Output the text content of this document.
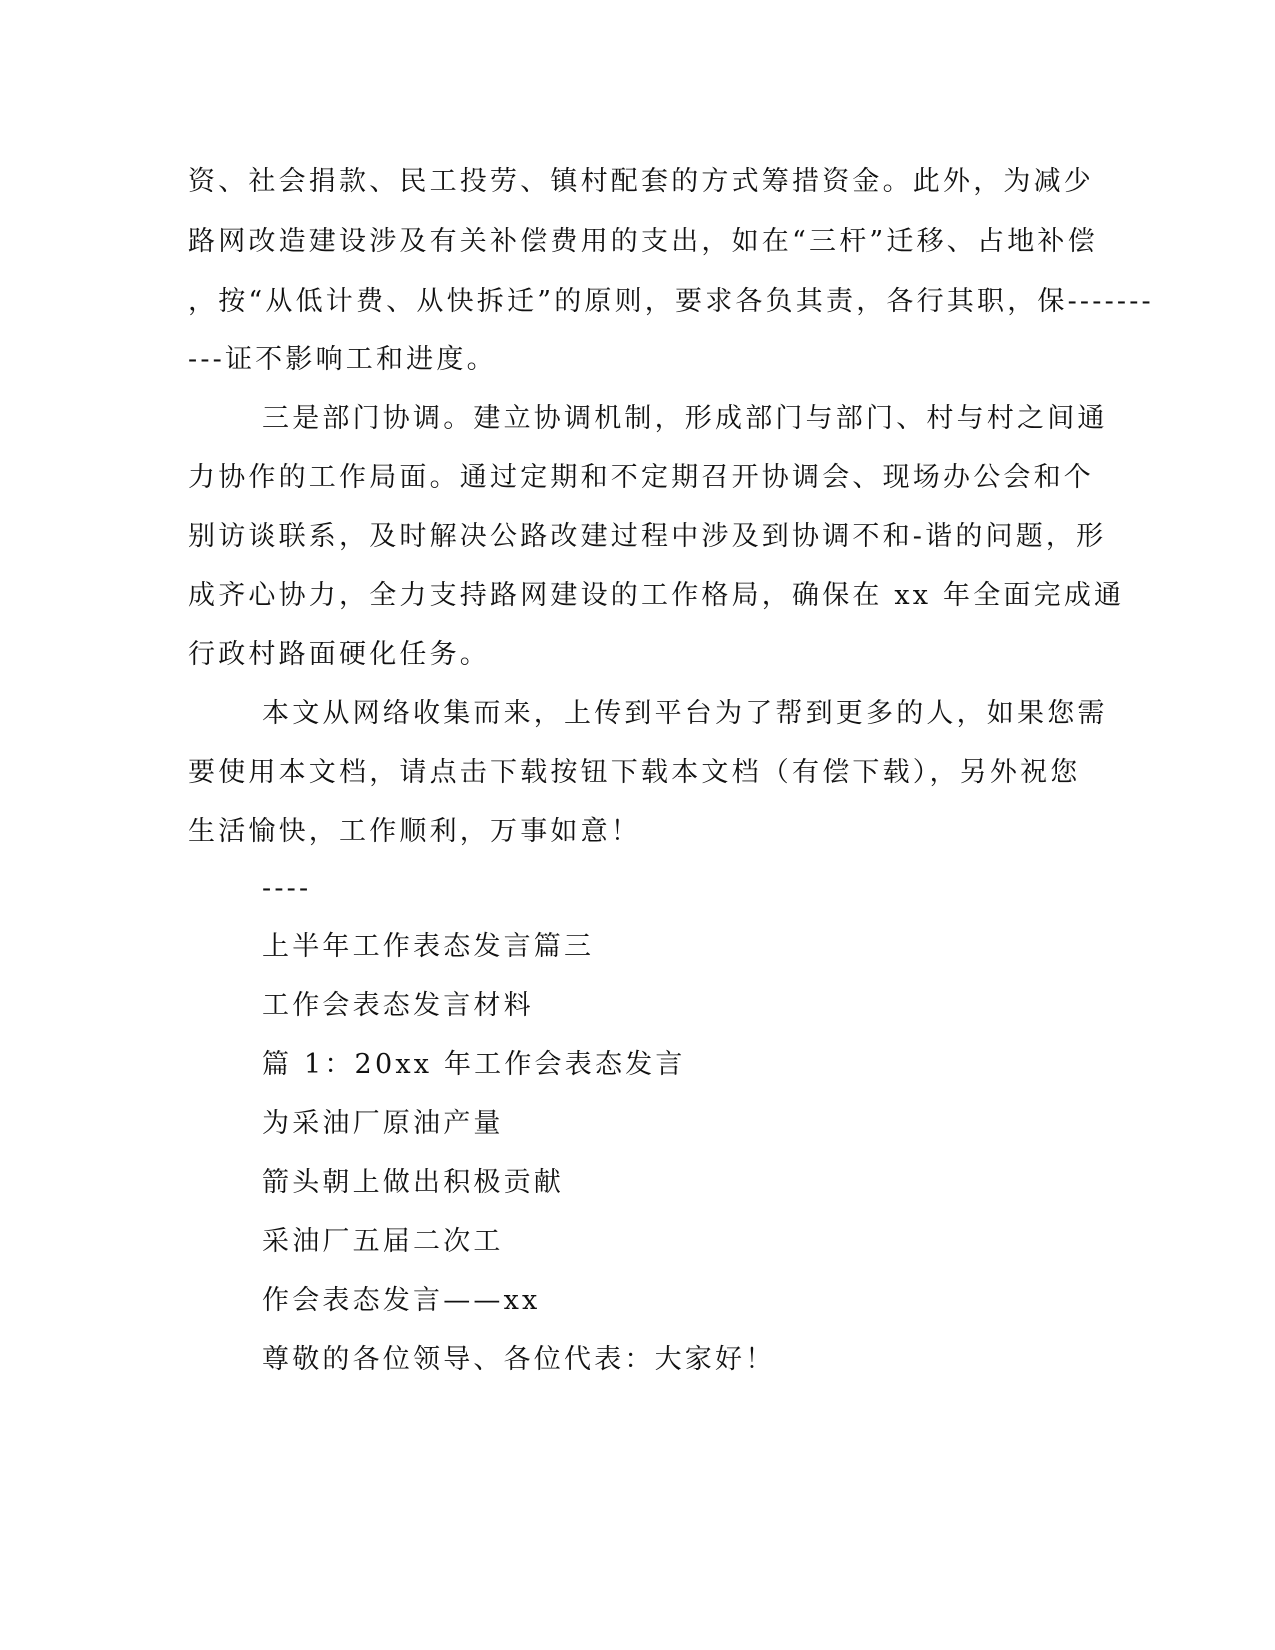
资、社会捐款、民工投劳、镇村配套的方式筹措资金。此外，为减少
路网改造建设涉及有关补偿费用的支出，如在“三杆”迁移、占地补偿
，按“从低计费、从快拆迁”的原则，要求各负其责，各行其职，保-------
---证不影响工和进度。
三是部门协调。建立协调机制，形成部门与部门、村与村之间通
力协作的工作局面。通过定期和不定期召开协调会、现场办公会和个
别访谈联系，及时解决公路改建过程中涉及到协调不和-谐的问题，形
成齐心协力，全力支持路网建设的工作格局，确保在 xx 年全面完成通
行政村路面硬化任务。
本文从网络收集而来，上传到平台为了帮到更多的人，如果您需
要使用本文档，请点击下载按钮下载本文档（有偿下载），另外祝您
生活愉快，工作顺利，万事如意！
----
上半年工作表态发言篇三
工作会表态发言材料
篇 1：20xx 年工作会表态发言
为采油厂原油产量
箭头朝上做出积极贡献
采油厂五届二次工
作会表态发言——xx
尊敬的各位领导、各位代表：大家好！
